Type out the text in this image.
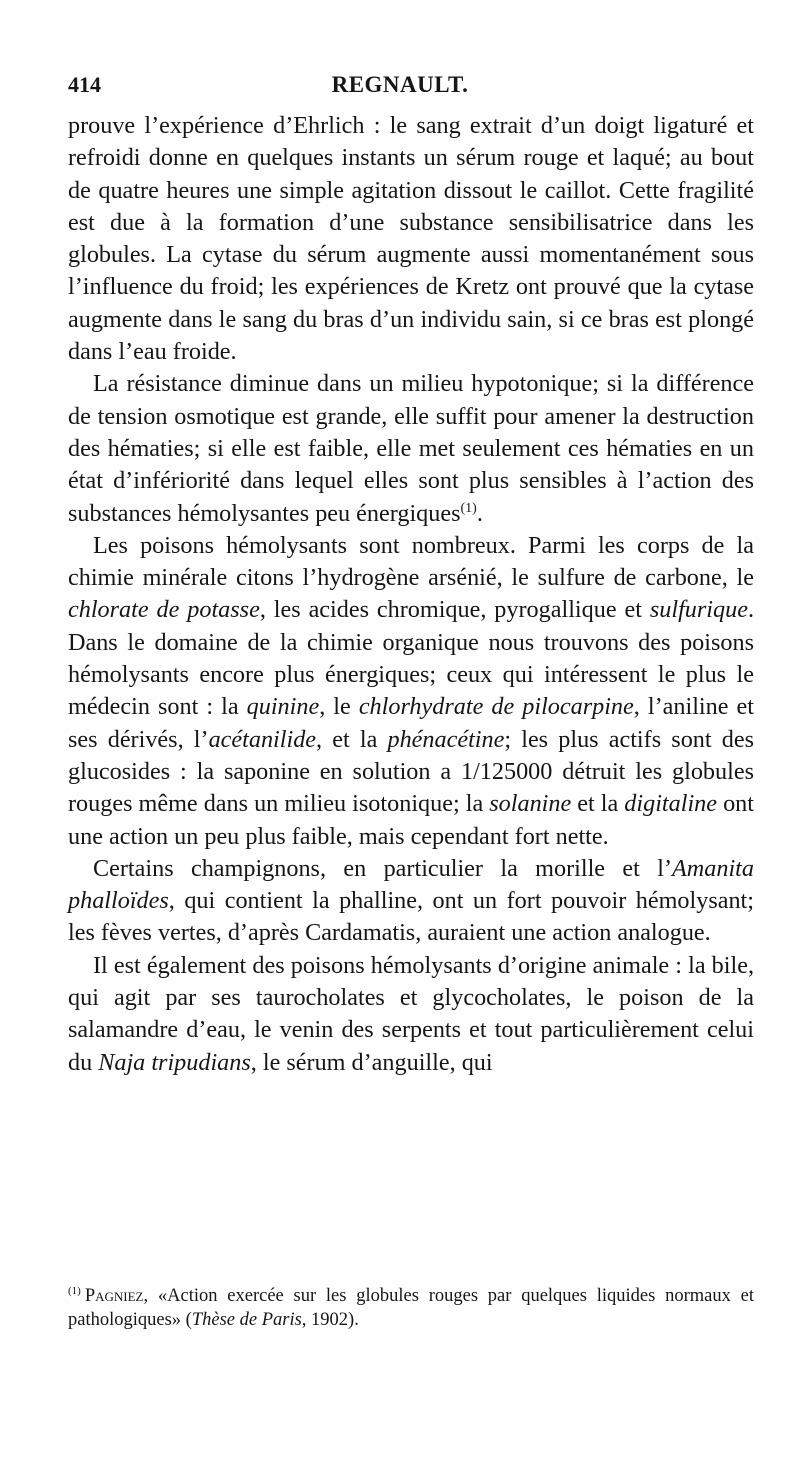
414	REGNAULT.

prouve l’expérience d’Ehrlich : le sang extrait d’un doigt ligaturé et refroidi donne en quelques instants un sérum rouge et laqué; au bout de quatre heures une simple agitation dissout le caillot. Cette fragilité est due à la formation d’une substance sensibilisatrice dans les globules. La cytase du sérum augmente aussi momentanément sous l’influence du froid; les expériences de Kretz ont prouvé que la cytase augmente dans le sang du bras d’un individu sain, si ce bras est plongé dans l’eau froide.

La résistance diminue dans un milieu hypotonique; si la différence de tension osmotique est grande, elle suffit pour amener la destruction des hématies; si elle est faible, elle met seulement ces hématies en un état d’infériorité dans lequel elles sont plus sensibles à l’action des substances hémolysantes peu énergiques$^{(1)}$.

Les poisons hémolysants sont nombreux. Parmi les corps de la chimie minérale citons l’hydrogène arsénié, le sulfure de carbone, le chlorate de potasse, les acides chromique, pyrogallique et sulfurique. Dans le domaine de la chimie organique nous trouvons des poisons hémolysants encore plus énergiques; ceux qui intéressent le plus le médecin sont : la quinine, le chlorhydrate de pilocarpine, l’aniline et ses dérivés, l’acétanilide, et la phénacétine; les plus actifs sont des glucosides : la saponine en solution a 1/125000 détruit les globules rouges même dans un milieu isotonique; la solanine et la digitaline ont une action un peu plus faible, mais cependant fort nette.

Certains champignons, en particulier la morille et l’Amanita phalloïdes, qui contient la phalline, ont un fort pouvoir hémolysant; les fèves vertes, d’après Cardamatis, auraient une action analogue.

Il est également des poisons hémolysants d’origine animale : la bile, qui agit par ses taurocholates et glycocholates, le poison de la salamandre d’eau, le venin des serpents et tout particulièrement celui du Naja tripudians, le sérum d’anguille, qui

$^{(1)}$ Pagniez, «Action exercée sur les globules rouges par quelques liquides normaux et pathologiques» (Thèse de Paris, 1902).
